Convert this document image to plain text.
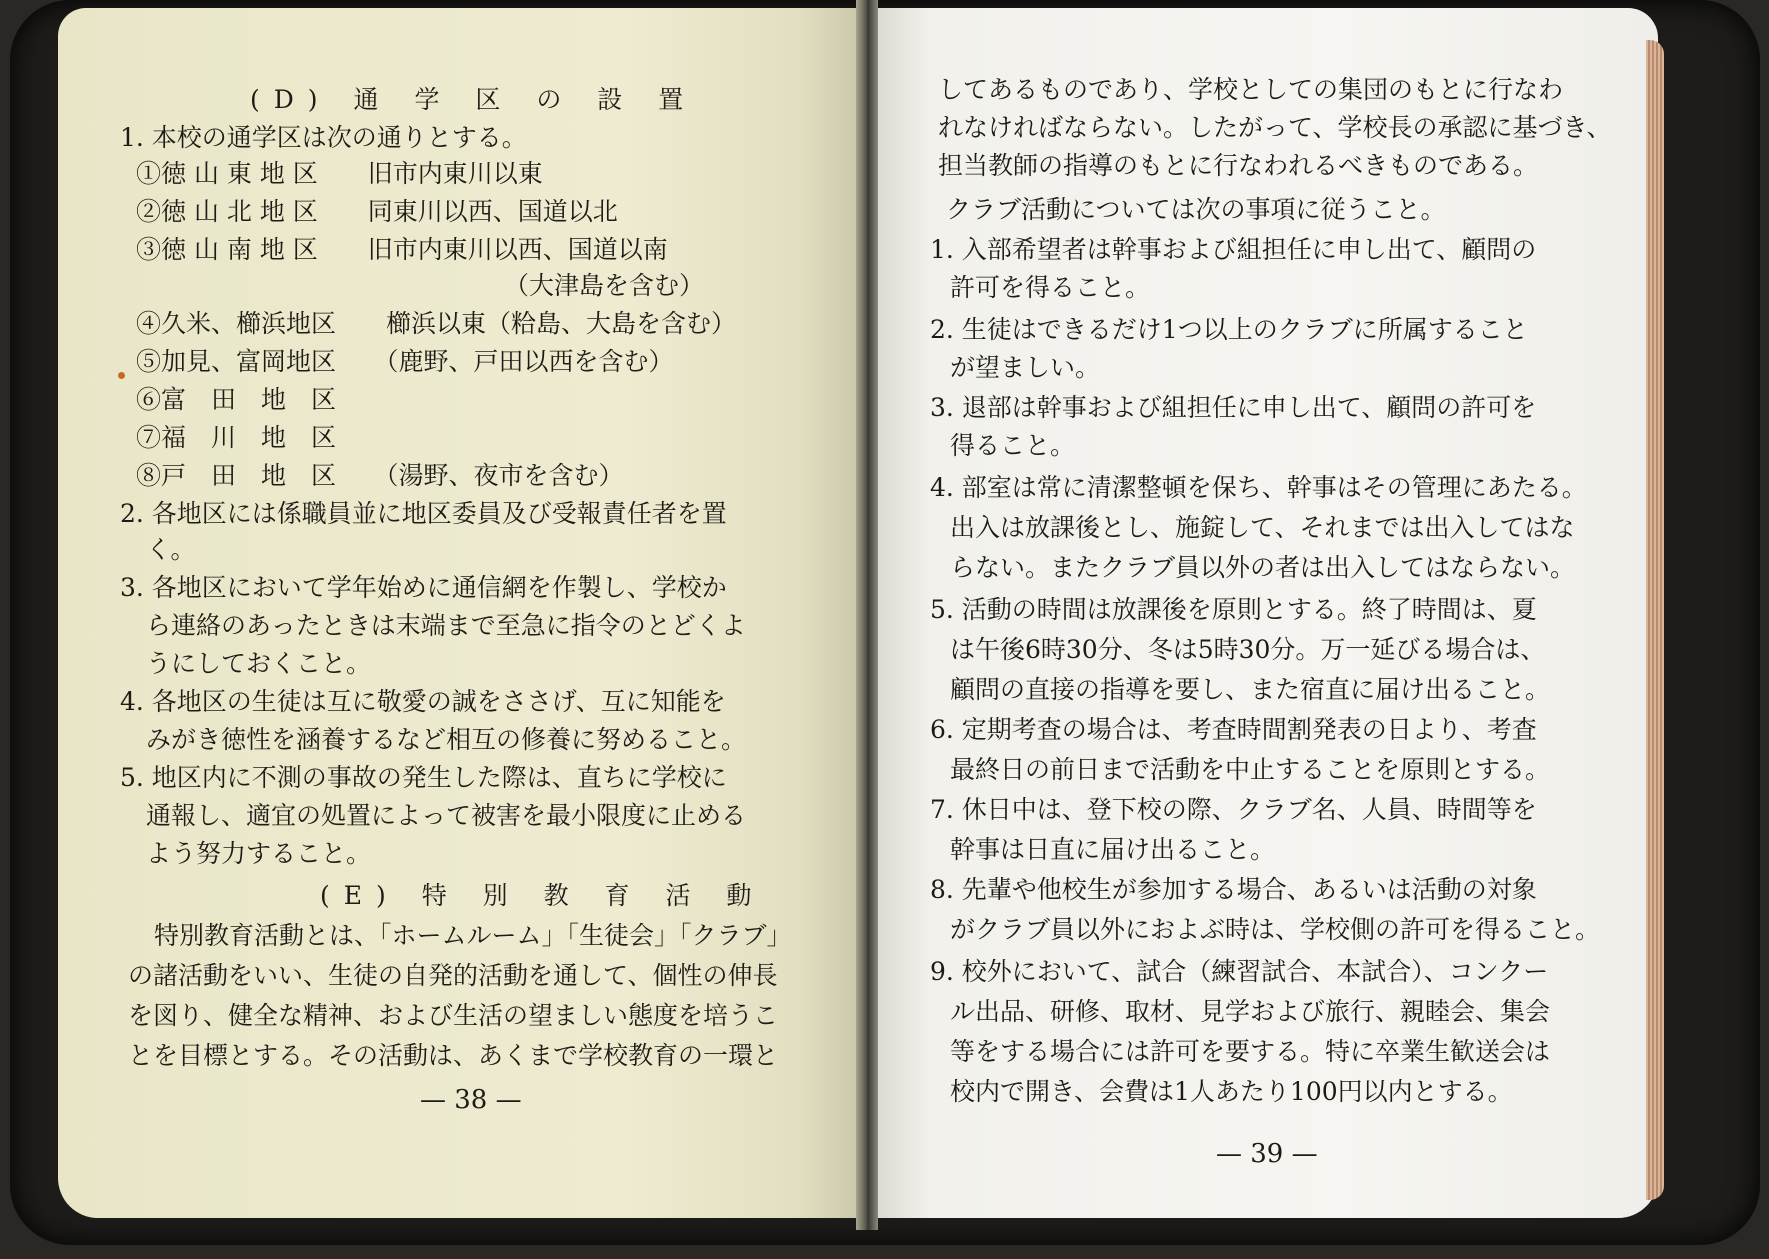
(D) 通 学 区 の 設 置
1. 本校の通学区は次の通りとする。
①徳 山 東 地 区　　旧市内東川以東
②徳 山 北 地 区　　同東川以西、国道以北
③徳 山 南 地 区　　旧市内東川以西、国道以南
（大津島を含む）
④久米、櫛浜地区　　櫛浜以東（粭島、大島を含む）
⑤加見、富岡地区　　（鹿野、戸田以西を含む）
⑥富　田　地　区
⑦福　川　地　区
⑧戸　田　地　区　　（湯野、夜市を含む）
2. 各地区には係職員並に地区委員及び受報責任者を置
く。
3. 各地区において学年始めに通信網を作製し、学校か
ら連絡のあったときは末端まで至急に指令のとどくよ
うにしておくこと。
4. 各地区の生徒は互に敬愛の誠をささげ、互に知能を
みがき徳性を涵養するなど相互の修養に努めること。
5. 地区内に不測の事故の発生した際は、直ちに学校に
通報し、適宜の処置によって被害を最小限度に止める
よう努力すること。
(E) 特 別 教 育 活 動
特別教育活動とは、「ホームルーム」「生徒会」「クラブ」
の諸活動をいい、生徒の自発的活動を通して、個性の伸長
を図り、健全な精神、および生活の望ましい態度を培うこ
とを目標とする。その活動は、あくまで学校教育の一環と
— 38 —
してあるものであり、学校としての集団のもとに行なわ
れなければならない。したがって、学校長の承認に基づき、
担当教師の指導のもとに行なわれるべきものである。
クラブ活動については次の事項に従うこと。
1. 入部希望者は幹事および組担任に申し出て、顧問の
許可を得ること。
2. 生徒はできるだけ1つ以上のクラブに所属すること
が望ましい。
3. 退部は幹事および組担任に申し出て、顧問の許可を
得ること。
4. 部室は常に清潔整頓を保ち、幹事はその管理にあたる。
出入は放課後とし、施錠して、それまでは出入してはな
らない。またクラブ員以外の者は出入してはならない。
5. 活動の時間は放課後を原則とする。終了時間は、夏
は午後6時30分、冬は5時30分。万一延びる場合は、
顧問の直接の指導を要し、また宿直に届け出ること。
6. 定期考査の場合は、考査時間割発表の日より、考査
最終日の前日まで活動を中止することを原則とする。
7. 休日中は、登下校の際、クラブ名、人員、時間等を
幹事は日直に届け出ること。
8. 先輩や他校生が参加する場合、あるいは活動の対象
がクラブ員以外におよぶ時は、学校側の許可を得ること。
9. 校外において、試合（練習試合、本試合）、コンクー
ル出品、研修、取材、見学および旅行、親睦会、集会
等をする場合には許可を要する。特に卒業生歓送会は
校内で開き、会費は1人あたり100円以内とする。
— 39 —
